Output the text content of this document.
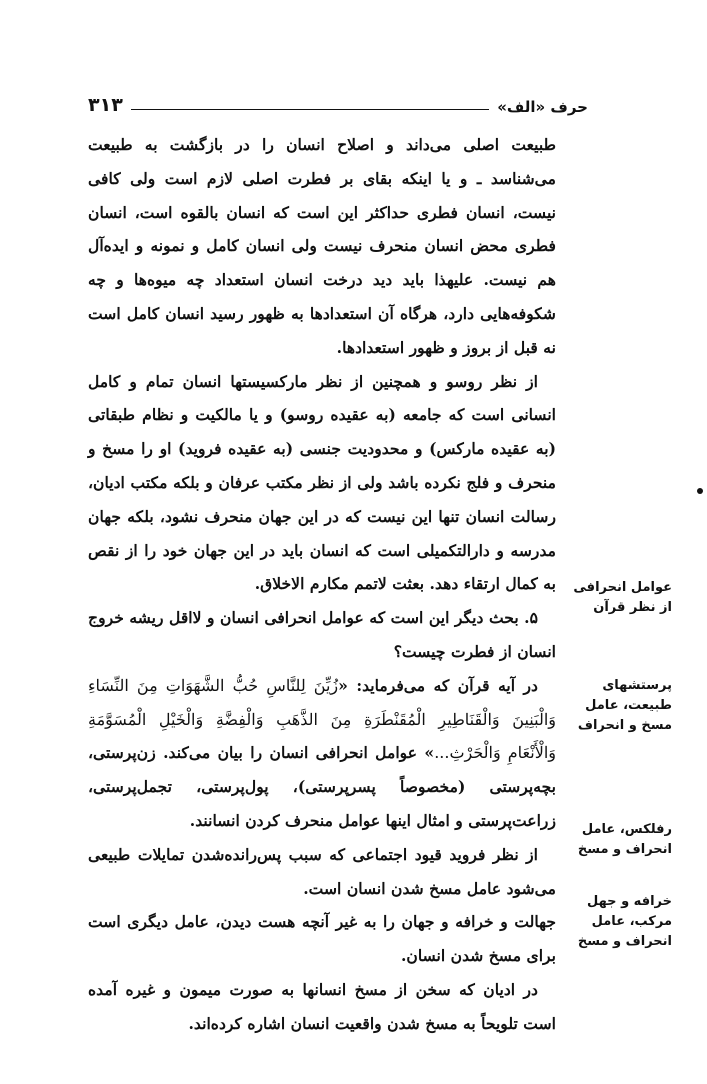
حرف «الف»
۳۱۳

طبیعت اصلی می‌داند و اصلاح انسان را در بازگشت به طبیعت می‌شناسد ـ و یا اینکه بقای بر فطرت اصلی لازم است ولی کافی نیست، انسان فطری حداکثر این است که انسان بالقوه است، انسان فطری محض انسان منحرف نیست ولی انسان کامل و نمونه و ایده‌آل هم نیست. علیهذا باید دید درخت انسان استعداد چه میوه‌ها و چه شکوفه‌هایی دارد، هرگاه آن استعدادها به ظهور رسید انسان کامل است نه قبل از بروز و ظهور استعدادها.

از نظر روسو و همچنین از نظر مارکسیستها انسان تمام و کامل انسانی است که جامعه (به عقیده روسو) و یا مالکیت و نظام طبقاتی (به عقیده مارکس) و محدودیت جنسی (به عقیده فروید) او را مسخ و منحرف و فلج نکرده باشد ولی از نظر مکتب عرفان و بلکه مکتب ادیان، رسالت انسان تنها این نیست که در این جهان منحرف نشود، بلکه جهان مدرسه و دارالتکمیلی است که انسان باید در این جهان خود را از نقص به کمال ارتقاء دهد. بعثت لاتمم مکارم الاخلاق.

۵. بحث دیگر این است که عوامل انحرافی انسان و لااقل ریشه خروج انسان از فطرت چیست؟

در آیه قرآن که می‌فرماید: «زُيِّنَ لِلنَّاسِ حُبُّ الشَّهَوَاتِ مِنَ النِّسَاءِ وَالْبَنِينَ وَالْقَنَاطِيرِ الْمُقَنْطَرَةِ مِنَ الذَّهَبِ وَالْفِضَّةِ وَالْخَيْلِ الْمُسَوَّمَةِ وَالْأَنْعَامِ وَالْحَرْثِ...» عوامل انحرافی انسان را بیان می‌کند. زن‌پرستی، بچه‌پرستی (مخصوصاً پسرپرستی)، پول‌پرستی، تجمل‌پرستی، زراعت‌پرستی و امثال اینها عوامل منحرف کردن انسانند.

از نظر فروید قیود اجتماعی که سبب پس‌رانده‌شدن تمایلات طبیعی می‌شود عامل مسخ شدن انسان است.

جهالت و خرافه و جهان را به غیر آنچه هست دیدن، عامل دیگری است برای مسخ شدن انسان.

در ادیان که سخن از مسخ انسانها به صورت میمون و غیره آمده است تلویحاً به مسخ شدن واقعیت انسان اشاره کرده‌اند.

عوامل انحرافی از نظر قرآن
پرستشهای طبیعت، عامل مسخ و انحراف
رفلکس، عامل انحراف و مسخ
خرافه و جهل مرکب، عامل انحراف و مسخ
